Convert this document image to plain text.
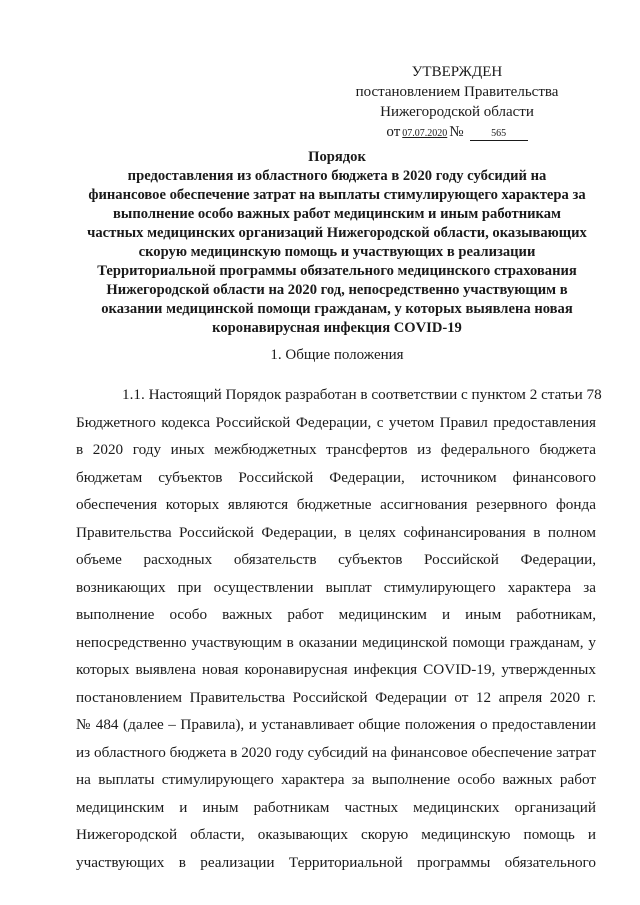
УТВЕРЖДЕН
постановлением Правительства
Нижегородской области
от 07.07.2020 №	565
Порядок
предоставления из областного бюджета в 2020 году субсидий на
финансовое обеспечение затрат на выплаты стимулирующего характера за
выполнение особо важных работ медицинским и иным работникам
частных медицинских организаций Нижегородской области, оказывающих
скорую медицинскую помощь и участвующих в реализации
Территориальной программы обязательного медицинского страхования
Нижегородской области на 2020 год, непосредственно участвующим в
оказании медицинской помощи гражданам, у которых выявлена новая
коронавирусная инфекция COVID-19
1. Общие положения
1.1. Настоящий Порядок разработан в соответствии с пунктом 2 статьи 78
Бюджетного кодекса Российской Федерации, с учетом Правил предоставления
в 2020 году иных межбюджетных трансфертов из федерального бюджета
бюджетам субъектов Российской Федерации, источником финансового
обеспечения которых являются бюджетные ассигнования резервного фонда
Правительства Российской Федерации, в целях софинансирования в полном
объеме расходных обязательств субъектов Российской Федерации,
возникающих при осуществлении выплат стимулирующего характера за
выполнение особо важных работ медицинским и иным работникам,
непосредственно участвующим в оказании медицинской помощи гражданам, у
которых выявлена новая коронавирусная инфекция COVID-19, утвержденных
постановлением Правительства Российской Федерации от 12 апреля 2020 г.
№ 484 (далее – Правила), и устанавливает общие положения о предоставлении
из областного бюджета в 2020 году субсидий на финансовое обеспечение затрат
на выплаты стимулирующего характера за выполнение особо важных работ
медицинским и иным работникам частных медицинских организаций
Нижегородской области, оказывающих скорую медицинскую помощь и
участвующих в реализации Территориальной программы обязательного
